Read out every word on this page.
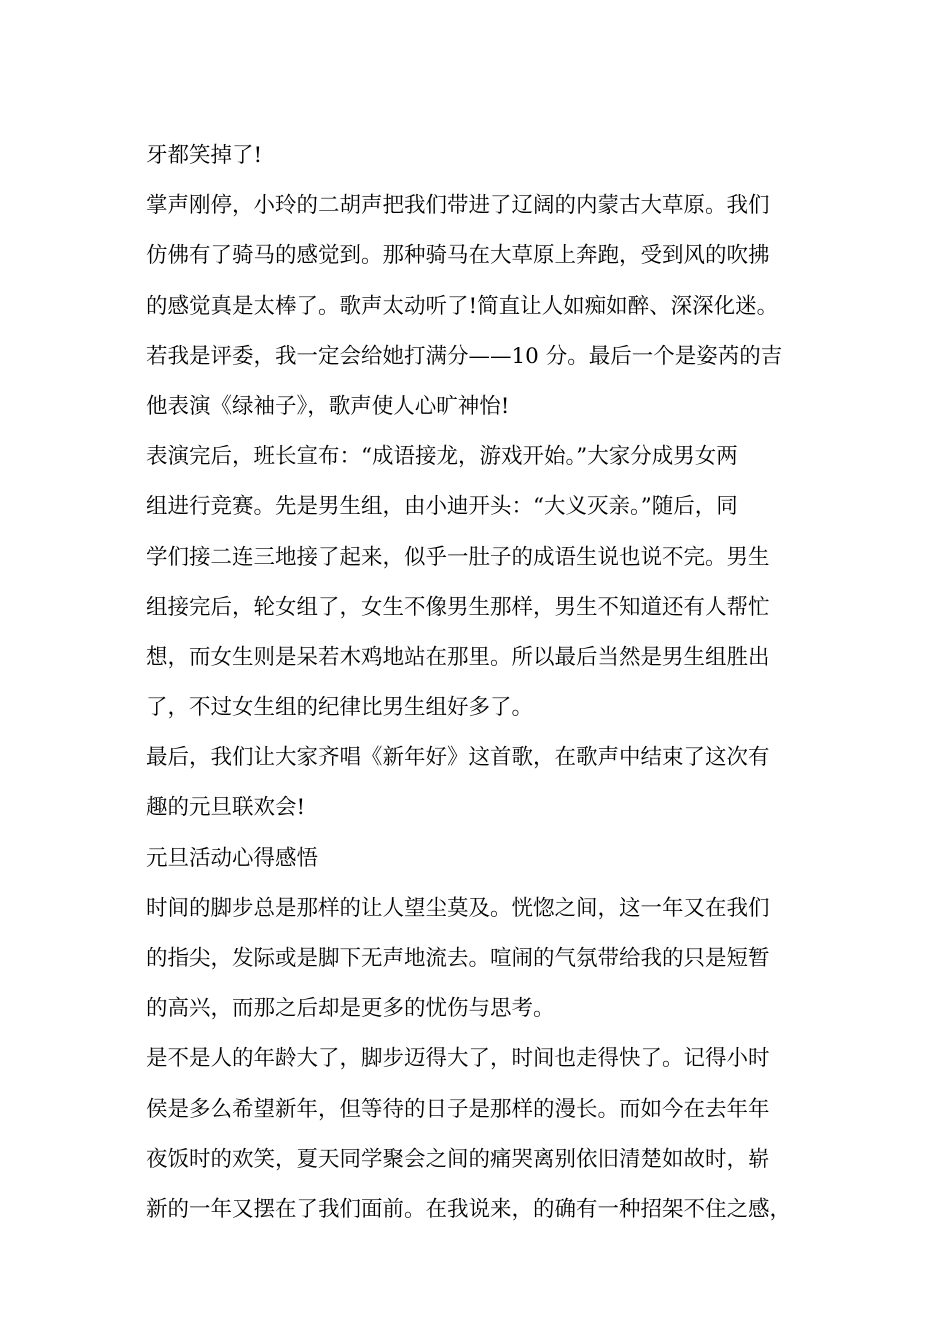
牙都笑掉了!
掌声刚停，小玲的二胡声把我们带进了辽阔的内蒙古大草原。我们
仿佛有了骑马的感觉到。那种骑马在大草原上奔跑，受到风的吹拂
的感觉真是太棒了。歌声太动听了!简直让人如痴如醉、深深化迷。
若我是评委，我一定会给她打满分——10 分。最后一个是姿芮的吉
他表演《绿袖子》，歌声使人心旷神怡!
表演完后，班长宣布：“成语接龙，游戏开始。”大家分成男女两
组进行竞赛。先是男生组，由小迪开头：“大义灭亲。”随后，同
学们接二连三地接了起来，似乎一肚子的成语生说也说不完。男生
组接完后，轮女组了，女生不像男生那样，男生不知道还有人帮忙
想，而女生则是呆若木鸡地站在那里。所以最后当然是男生组胜出
了，不过女生组的纪律比男生组好多了。
最后，我们让大家齐唱《新年好》这首歌，在歌声中结束了这次有
趣的元旦联欢会!
元旦活动心得感悟
时间的脚步总是那样的让人望尘莫及。恍惚之间，这一年又在我们
的指尖，发际或是脚下无声地流去。喧闹的气氛带给我的只是短暂
的高兴，而那之后却是更多的忧伤与思考。
是不是人的年龄大了，脚步迈得大了，时间也走得快了。记得小时
侯是多么希望新年，但等待的日子是那样的漫长。而如今在去年年
夜饭时的欢笑，夏天同学聚会之间的痛哭离别依旧清楚如故时，崭
新的一年又摆在了我们面前。在我说来，的确有一种招架不住之感，
